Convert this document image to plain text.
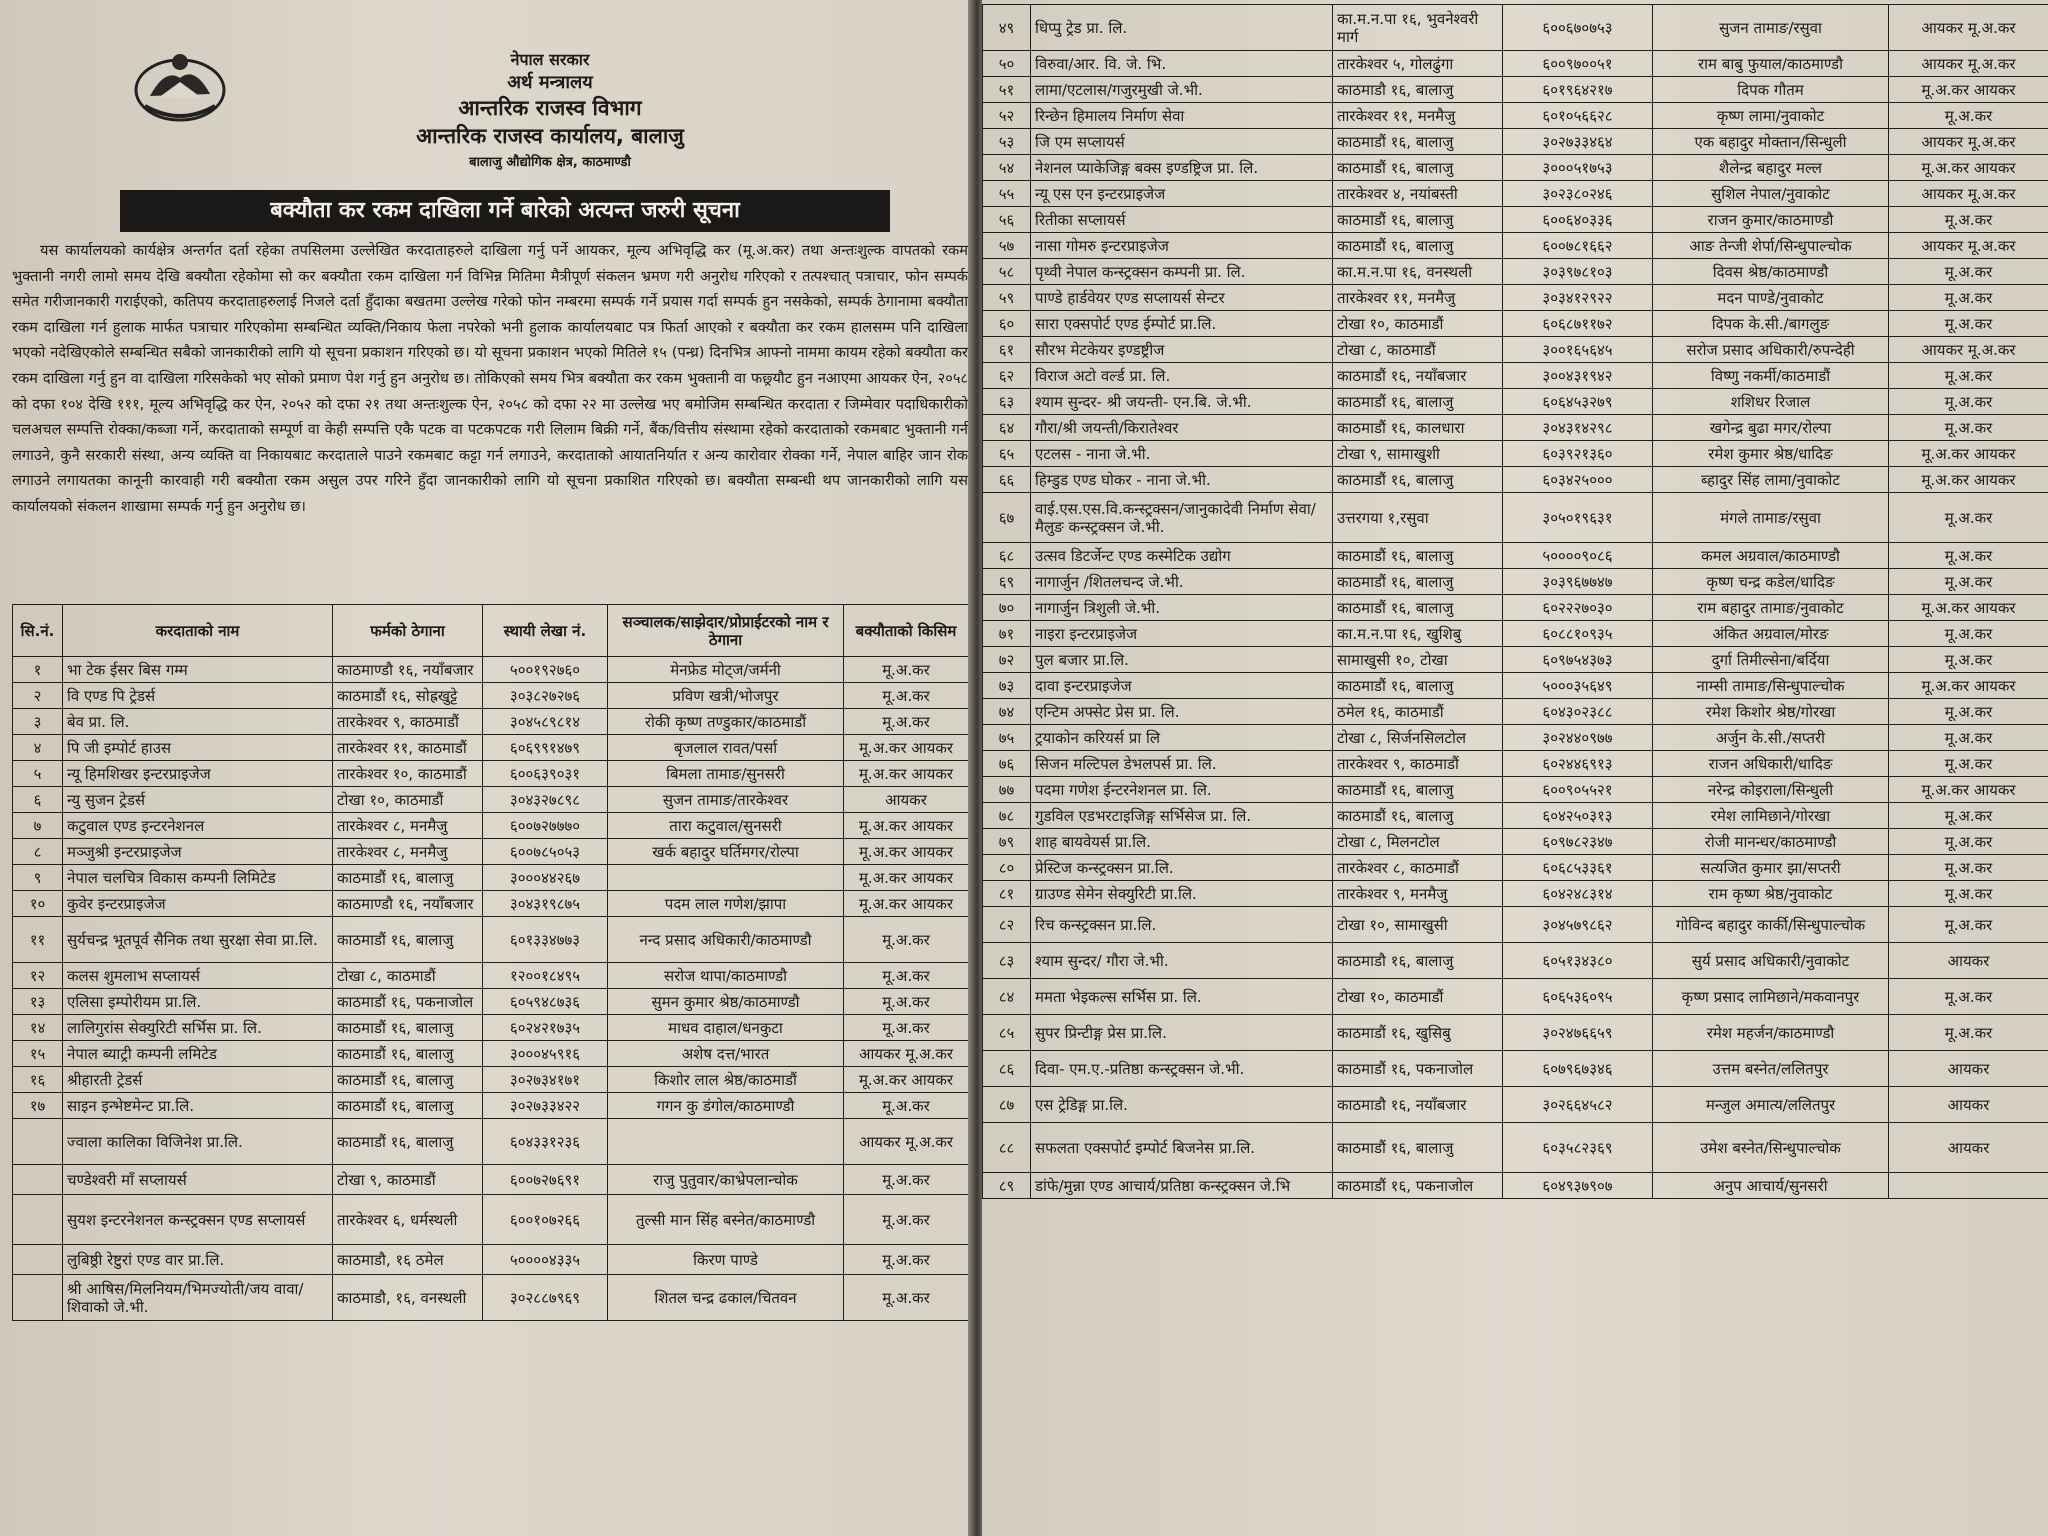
नेपाल सरकार
अर्थ मन्त्रालय
आन्तरिक राजस्व विभाग
आन्तरिक राजस्व कार्यालय, बालाजु
बालाजु औद्योगिक क्षेत्र, काठमाण्डौ
बक्यौता कर रकम दाखिला गर्ने बारेको अत्यन्त जरुरी सूचना
यस कार्यालयको कार्यक्षेत्र अन्तर्गत दर्ता रहेका तपसिलमा उल्लेखित करदाताहरुले दाखिला गर्नु पर्ने आयकर, मूल्य अभिवृद्धि कर (मू.अ.कर) तथा अन्तःशुल्क वापतको रकम भुक्तानी नगरी लामो समय देखि बक्यौता रहेकोमा सो कर बक्यौता रकम दाखिला गर्न विभिन्न मितिमा मैत्रीपूर्ण संकलन भ्रमण गरी अनुरोध गरिएको र तत्पश्चात् पत्राचार, फोन सम्पर्क समेत गरीजानकारी गराईएको, कतिपय करदाताहरुलाई निजले दर्ता हुँदाका बखतमा उल्लेख गरेको फोन नम्बरमा सम्पर्क गर्ने प्रयास गर्दा सम्पर्क हुन नसकेको, सम्पर्क ठेगानामा बक्यौता रकम दाखिला गर्न हुलाक मार्फत पत्राचार गरिएकोमा सम्बन्धित व्यक्ति/निकाय फेला नपरेको भनी हुलाक कार्यालयबाट पत्र फिर्ता आएको र बक्यौता कर रकम हालसम्म पनि दाखिला भएको नदेखिएकोले सम्बन्धित सबैको जानकारीको लागि यो सूचना प्रकाशन गरिएको छ। यो सूचना प्रकाशन भएको मितिले १५ (पन्ध्र) दिनभित्र आफ्नो नाममा कायम रहेको बक्यौता कर रकम दाखिला गर्नु हुन वा दाखिला गरिसकेको भए सोको प्रमाण पेश गर्नु हुन अनुरोध छ। तोकिएको समय भित्र बक्यौता कर रकम भुक्तानी वा फछ्र्यौट हुन नआएमा आयकर ऐन, २०५८ को दफा १०४ देखि १११, मूल्य अभिवृद्धि कर ऐन, २०५२ को दफा २१ तथा अन्तःशुल्क ऐन, २०५८ को दफा २२ मा उल्लेख भए बमोजिम सम्बन्धित करदाता र जिम्मेवार पदाधिकारीको चलअचल सम्पत्ति रोक्का/कब्जा गर्ने, करदाताको सम्पूर्ण वा केही सम्पत्ति एकै पटक वा पटकपटक गरी लिलाम बिक्री गर्ने, बैंक/वित्तीय संस्थामा रहेको करदाताको रकमबाट भुक्तानी गर्न लगाउने, कुनै सरकारी संस्था, अन्य व्यक्ति वा निकायबाट करदाताले पाउने रकमबाट कट्टा गर्न लगाउने, करदाताको आयातनिर्यात र अन्य कारोवार रोक्का गर्ने, नेपाल बाहिर जान रोक लगाउने लगायतका कानूनी कारवाही गरी बक्यौता रकम असुल उपर गरिने हुँदा जानकारीको लागि यो सूचना प्रकाशित गरिएको छ। बक्यौता सम्बन्धी थप जानकारीको लागि यस कार्यालयको संकलन शाखामा सम्पर्क गर्नु हुन अनुरोध छ।
सि.नं.	करदाताको नाम	फर्मको ठेगाना	स्थायी लेखा नं.	सञ्चालक/साझेदार/प्रोप्राईटरको नाम र ठेगाना	बक्यौताको किसिम
१	भा टेक ईसर बिस गम्म	काठमाण्डौ १६, नयाँबजार	५००१९२७६०	मेनफ्रेड मोट्ज/जर्मनी	मू.अ.कर
२	वि एण्ड पि ट्रेडर्स	काठमाडौं १६, सोह्रखुट्टे	३०३८२७२७६	प्रविण खत्री/भोजपुर	मू.अ.कर
३	बेव प्रा. लि.	तारकेश्वर ९, काठमाडौं	३०४५८९८१४	रोकी कृष्ण तण्डुकार/काठमाडौं	मू.अ.कर
४	पि जी इम्पोर्ट हाउस	तारकेश्वर ११, काठमाडौं	६०६९९१४७९	बृजलाल रावत/पर्सा	मू.अ.कर आयकर
५	न्यू हिमशिखर इन्टरप्राइजेज	तारकेश्वर १०, काठमाडौं	६००६३९०३१	बिमला तामाङ/सुनसरी	मू.अ.कर आयकर
६	न्यु सुजन ट्रेडर्स	टोखा १०, काठमाडौं	३०४३२७८९८	सुजन तामाङ/तारकेश्वर	आयकर
७	कटुवाल एण्ड इन्टरनेशनल	तारकेश्वर ८, मनमैजु	६००७२७७७०	तारा कटुवाल/सुनसरी	मू.अ.कर आयकर
८	मञ्जुश्री इन्टरप्राइजेज	तारकेश्वर ८, मनमैजु	६००७८५०५३	खर्क बहादुर घर्तिमगर/रोल्पा	मू.अ.कर आयकर
९	नेपाल चलचित्र विकास कम्पनी लिमिटेड	काठमाडौं १६, बालाजु	३०००४४२६७		मू.अ.कर आयकर
१०	कुवेर इन्टरप्राइजेज	काठमाण्डौ १६, नयाँबजार	३०४३१९८७५	पदम लाल गणेश/झापा	मू.अ.कर आयकर
११	सुर्यचन्द्र भूतपूर्व सैनिक तथा सुरक्षा सेवा प्रा.लि.	काठमाडौं १६, बालाजु	६०१३३४७७३	नन्द प्रसाद अधिकारी/काठमाण्डौ	मू.अ.कर
१२	कलस शुमलाभ सप्लायर्स	टोखा ८, काठमाडौं	१२००१८४९५	सरोज थापा/काठमाण्डौ	मू.अ.कर
१३	एलिसा इम्पोरीयम प्रा.लि.	काठमाडौं १६, पकनाजोल	६०५९४८७३६	सुमन कुमार श्रेष्ठ/काठमाण्डौ	मू.अ.कर
१४	लालिगुरांस सेक्युरिटी सर्भिस प्रा. लि.	काठमाडौं १६, बालाजु	६०२४२१७३५	माधव दाहाल/धनकुटा	मू.अ.कर
१५	नेपाल ब्याट्री कम्पनी लमिटेड	काठमाडौं १६, बालाजु	३०००४५९१६	अशेष दत्त/भारत	आयकर मू.अ.कर
१६	श्रीहारती ट्रेडर्स	काठमाडौं १६, बालाजु	३०२७३४१७१	किशोर लाल श्रेष्ठ/काठमाडौं	मू.अ.कर आयकर
१७	साइन इन्भेष्टमेन्ट प्रा.लि.	काठमाडौं १६, बालाजु	३०२७३३४२२	गगन कु डंगोल/काठमाण्डौ	मू.अ.कर
	ज्वाला कालिका विजिनेश प्रा.लि.	काठमाडौं १६, बालाजु	६०४३३१२३६		आयकर मू.अ.कर
	चण्डेश्वरी माँ सप्लायर्स	टोखा ९, काठमाडौं	६००७२७६९१	राजु पुतुवार/काभ्रेपलान्चोक	मू.अ.कर
	सुयश इन्टरनेशनल कन्स्ट्रक्सन एण्ड सप्लायर्स	तारकेश्वर ६, धर्मस्थली	६००१०७२६६	तुल्सी मान सिंह बस्नेत/काठमाण्डौ	मू.अ.कर
	लुबिष्ठ्री रेष्टुरां एण्ड वार प्रा.लि.	काठमाडौ, १६ ठमेल	५००००४३३५	किरण पाण्डे	मू.अ.कर
	श्री आषिस/मिलनियम/भिमज्योती/जय वावा/शिवाको जे.भी.	काठमाडौ, १६, वनस्थली	३०२८८७९६९	शितल चन्द्र ढकाल/चितवन	मू.अ.कर
४९	धिप्पु ट्रेड प्रा. लि.	का.म.न.पा १६, भुवनेश्वरी मार्ग	६००६७०७५३	सुजन तामाङ/रसुवा	आयकर मू.अ.कर
५०	विरुवा/आर. वि. जे. भि.	तारकेश्वर ५, गोलढुंगा	६००९७००५१	राम बाबु फुयाल/काठमाण्डौ	आयकर मू.अ.कर
५१	लामा/एटलास/गजुरमुखी जे.भी.	काठमाडौ १६, बालाजु	६०१९६४२१७	दिपक गौतम	मू.अ.कर आयकर
५२	रिन्छेन हिमालय निर्माण सेवा	तारकेश्वर ११, मनमैजु	६०१०५६६२८	कृष्ण लामा/नुवाकोट	मू.अ.कर
५३	जि एम सप्लायर्स	काठमाडौं १६, बालाजु	३०२७३३४६४	एक बहादुर मोक्तान/सिन्धुली	आयकर मू.अ.कर
५४	नेशनल प्याकेजिङ्ग बक्स इण्डष्ट्रिज प्रा. लि.	काठमाडौं १६, बालाजु	३०००५१७५३	शैलेन्द्र बहादुर मल्ल	मू.अ.कर आयकर
५५	न्यू एस एन इन्टरप्राइजेज	तारकेश्वर ४, नयांबस्ती	३०२३८०२४६	सुशिल नेपाल/नुवाकोट	आयकर मू.अ.कर
५६	रितीका सप्लायर्स	काठमाडौं १६, बालाजु	६००६४०३३६	राजन कुमार/काठमाण्डौ	मू.अ.कर
५७	नासा गोमरु इन्टरप्राइजेज	काठमाडौं १६, बालाजु	६००७८१६६२	आङ तेन्जी शेर्पा/सिन्धुपाल्चोक	आयकर मू.अ.कर
५८	पृथ्वी नेपाल कन्स्ट्रक्सन कम्पनी प्रा. लि.	का.म.न.पा १६, वनस्थली	३०३९७८१०३	दिवस श्रेष्ठ/काठमाण्डौ	मू.अ.कर
५९	पाण्डे हार्डवेयर एण्ड सप्लायर्स सेन्टर	तारकेश्वर ११, मनमैजु	३०३४१२९२२	मदन पाण्डे/नुवाकोट	मू.अ.कर
६०	सारा एक्सपोर्ट एण्ड ईम्पोर्ट प्रा.लि.	टोखा १०, काठमाडौं	६०६८७११७२	दिपक के.सी./बागलुङ	मू.अ.कर
६१	सौरभ मेटकेयर इण्डष्ट्रीज	टोखा ८, काठमाडौं	३००१६५६४५	सरोज प्रसाद अधिकारी/रुपन्देही	आयकर मू.अ.कर
६२	विराज अटो वर्ल्ड प्रा. लि.	काठमाडौं १६, नयाँबजार	३००४३१९४२	विष्णु नकर्मी/काठमाडौं	मू.अ.कर
६३	श्याम सुन्दर- श्री जयन्ती- एन.बि. जे.भी.	काठमाडौं १६, बालाजु	६०६४५३२७९	शशिधर रिजाल	मू.अ.कर
६४	गौरा/श्री जयन्ती/किरातेश्वर	काठमाडौं १६, कालधारा	३०४३१४२९८	खगेन्द्र बुढा मगर/रोल्पा	मू.अ.कर
६५	एटलस - नाना जे.भी.	टोखा ९, सामाखुशी	६०३९२१३६०	रमेश कुमार श्रेष्ठ/धादिङ	मू.अ.कर आयकर
६६	हिम्डुड एण्ड घोकर - नाना जे.भी.	काठमाडौं १६, बालाजु	६०३४२५०००	ब्हादुर सिंह लामा/नुवाकोट	मू.अ.कर आयकर
६७	वाई.एस.एस.वि.कन्स्ट्रक्सन/जानुकादेवी निर्माण सेवा/मैलुङ कन्स्ट्रक्सन जे.भी.	उत्तरगया १,रसुवा	३०५०१९६३१	मंगले तामाङ/रसुवा	मू.अ.कर
६८	उत्सव डिटर्जेन्ट एण्ड कस्मेटिक उद्योग	काठमाडौं १६, बालाजु	५००००९०८६	कमल अग्रवाल/काठमाण्डौ	मू.अ.कर
६९	नागार्जुन /शितलचन्द जे.भी.	काठमाडौं १६, बालाजु	३०३९६७७४७	कृष्ण चन्द्र कडेल/धादिङ	मू.अ.कर
७०	नागार्जुन त्रिशुली जे.भी.	काठमाडौं १६, बालाजु	६०२२२७०३०	राम बहादुर तामाङ/नुवाकोट	मू.अ.कर आयकर
७१	नाइरा इन्टरप्राइजेज	का.म.न.पा १६, खुशिबु	६०८८१०९३५	अंकित अग्रवाल/मोरङ	मू.अ.कर
७२	पुल बजार प्रा.लि.	सामाखुसी १०, टोखा	६०९७५४३७३	दुर्गा तिमील्सेना/बर्दिया	मू.अ.कर
७३	दावा इन्टरप्राइजेज	काठमाडौं १६, बालाजु	५०००३५६४९	नाम्सी तामाङ/सिन्धुपाल्चोक	मू.अ.कर आयकर
७४	एन्टिम अफ्सेट प्रेस प्रा. लि.	ठमेल १६, काठमाडौं	६०४३०२३८८	रमेश किशोर श्रेष्ठ/गोरखा	मू.अ.कर
७५	ट्रयाकोन करियर्स प्रा लि	टोखा ८, सिर्जनसिलटोल	३०२४४०९७७	अर्जुन के.सी./सप्तरी	मू.अ.कर
७६	सिजन मल्टिपल डेभलपर्स प्रा. लि.	तारकेश्वर ९, काठमाडौं	६०२४४६९१३	राजन अधिकारी/धादिङ	मू.अ.कर
७७	पदमा गणेश ईन्टरनेशनल प्रा. लि.	काठमाडौं १६, बालाजु	६००९०५५२१	नरेन्द्र कोइराला/सिन्धुली	मू.अ.कर आयकर
७८	गुडविल एडभरटाइजिङ्ग सर्भिसेज प्रा. लि.	काठमाडौं १६, बालाजु	६०४२५०३१३	रमेश लामिछाने/गोरखा	मू.अ.कर
७९	शाह बायवेयर्स प्रा.लि.	टोखा ८, मिलनटोल	६०९७८२३४७	रोजी मानन्धर/काठमाण्डौ	मू.अ.कर
८०	प्रेस्टिज कन्स्ट्रक्सन प्रा.लि.	तारकेश्वर ८, काठमाडौं	६०६८५३३६१	सत्यजित कुमार झा/सप्तरी	मू.अ.कर
८१	ग्राउण्ड सेमेन सेक्युरिटी प्रा.लि.	तारकेश्वर ९, मनमैजु	६०४२४८३१४	राम कृष्ण श्रेष्ठ/नुवाकोट	मू.अ.कर
८२	रिच कन्स्ट्रक्सन प्रा.लि.	टोखा १०, सामाखुसी	३०४५७९८६२	गोविन्द बहादुर कार्की/सिन्धुपाल्चोक	मू.अ.कर
८३	श्याम सुन्दर/ गौरा जे.भी.	काठमाडौ १६, बालाजु	६०५१३४३८०	सुर्य प्रसाद अधिकारी/नुवाकोट	आयकर
८४	ममता भेइकल्स सर्भिस प्रा. लि.	टोखा १०, काठमाडौं	६०६५३६०९५	कृष्ण प्रसाद लामिछाने/मकवानपुर	मू.अ.कर
८५	सुपर प्रिन्टीङ्ग प्रेस प्रा.लि.	काठमाडौं १६, खुसिबु	३०२४७६६५९	रमेश महर्जन/काठमाण्डौ	मू.अ.कर
८६	दिवा- एम.ए.-प्रतिष्ठा कन्स्ट्रक्सन जे.भी.	काठमाडौं १६, पकनाजोल	६०७९६७३४६	उत्तम बस्नेत/ललितपुर	आयकर
८७	एस ट्रेडिङ्ग प्रा.लि.	काठमाडौ १६, नयाँबजार	३०२६६४५८२	मन्जुल अमात्य/ललितपुर	आयकर
८८	सफलता एक्सपोर्ट इम्पोर्ट बिजनेस प्रा.लि.	काठमाडौं १६, बालाजु	६०३५८२३६९	उमेश बस्नेत/सिन्धुपाल्चोक	आयकर
८९	डांफे/मुन्ना एण्ड आचार्य/प्रतिष्ठा कन्स्ट्रक्सन जे.भि	काठमाडौं १६, पकनाजोल	६०४९३७९०७	अनुप आचार्य/सुनसरी	
